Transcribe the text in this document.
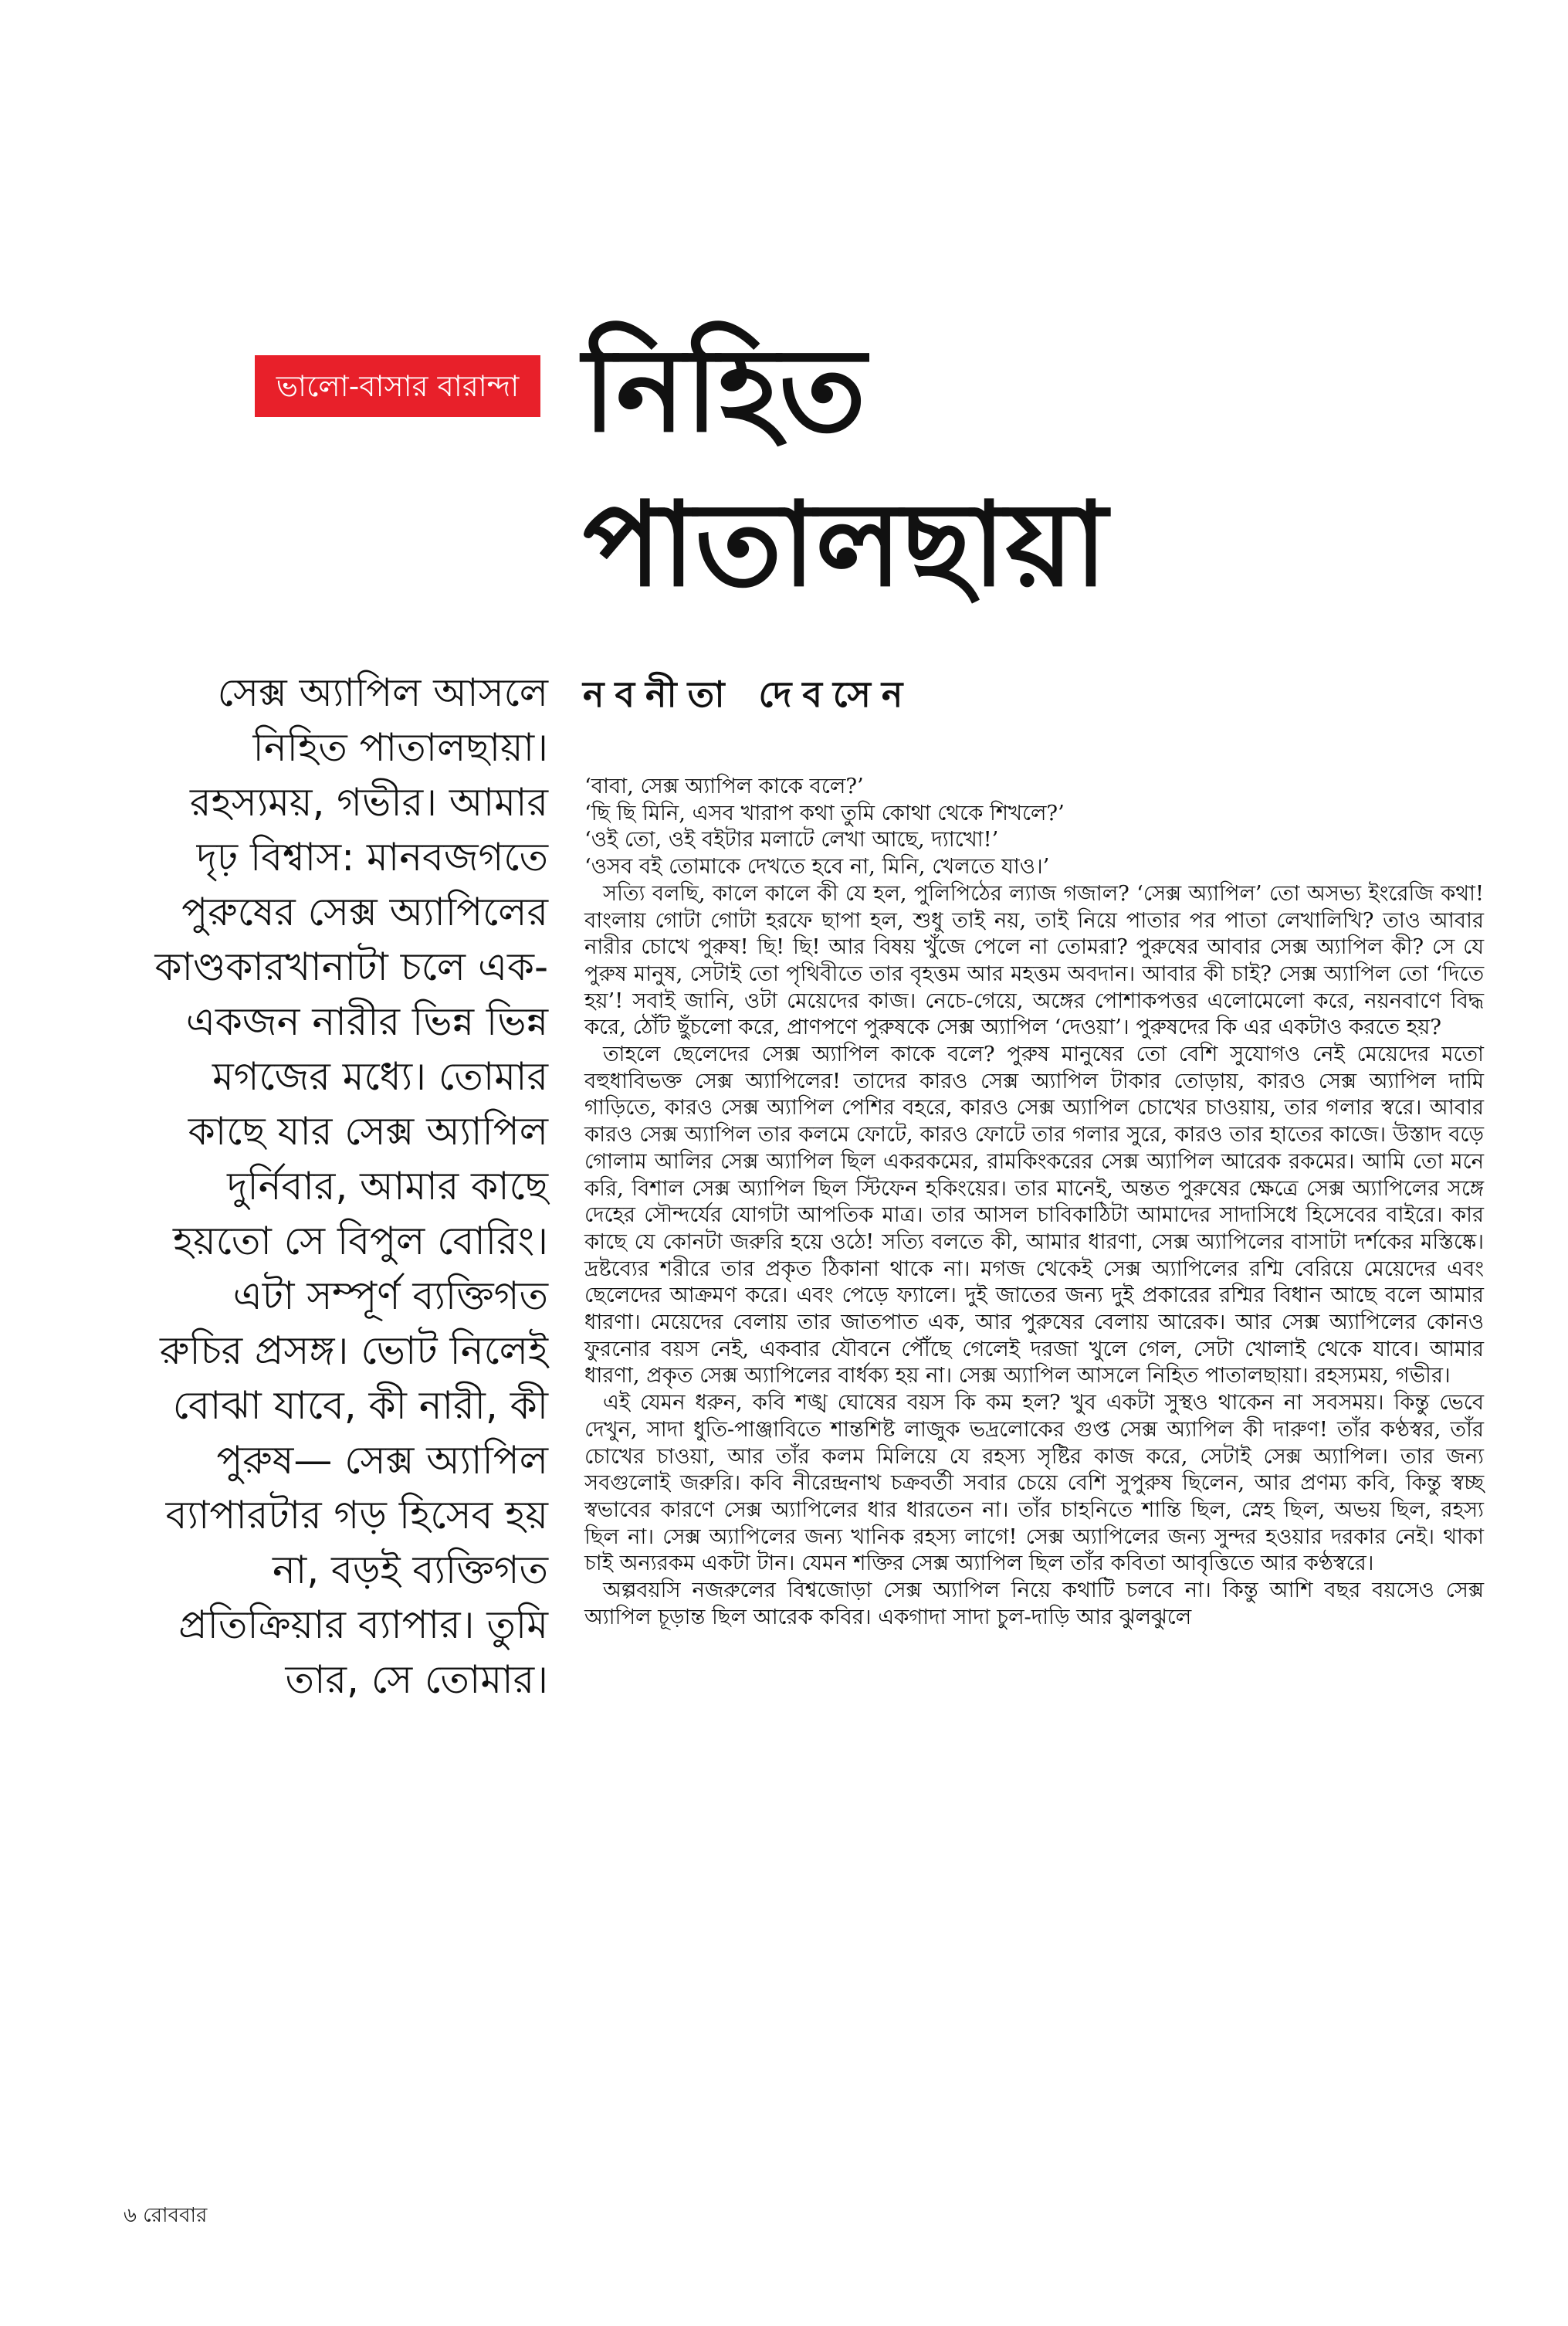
ভালো-বাসার বারান্দা নিহিত
পাতালছায়া
নবনীতা দেবসেন

সেক্স অ্যাপিল আসলে নিহিত পাতালছায়া। রহস্যময়, গভীর। আমার দৃঢ় বিশ্বাস: মানবজগতে পুরুষের সেক্স অ্যাপিলের কাণ্ডকারখানাটা চলে এক-একজন নারীর ভিন্ন ভিন্ন মগজের মধ্যে। তোমার কাছে যার সেক্স অ্যাপিল দুর্নিবার, আমার কাছে হয়তো সে বিপুল বোরিং। এটা সম্পূর্ণ ব্যক্তিগত রুচির প্রসঙ্গ। ভোট নিলেই বোঝা যাবে, কী নারী, কী পুরুষ— সেক্স অ্যাপিল ব্যাপারটার গড় হিসেব হয় না, বড়ই ব্যক্তিগত প্রতিক্রিয়ার ব্যাপার। তুমি তার, সে তোমার।

‘বাবা, সেক্স অ্যাপিল কাকে বলে?’

‘ছি ছি মিনি, এসব খারাপ কথা তুমি কোথা থেকে শিখলে?’

‘ওই তো, ওই বইটার মলাটে লেখা আছে, দ্যাখো!’

‘ওসব বই তোমাকে দেখতে হবে না, মিনি, খেলতে যাও।’

সত্যি বলছি, কালে কালে কী যে হল, পুলিপিঠের ল্যাজ গজাল? ‘সেক্স অ্যাপিল’ তো অসভ্য ইংরেজি কথা! বাংলায় গোটা গোটা হরফে ছাপা হল, শুধু তাই নয়, তাই নিয়ে পাতার পর পাতা লেখালিখি? তাও আবার নারীর চোখে পুরুষ! ছি! ছি! আর বিষয় খুঁজে পেলে না তোমরা? পুরুষের আবার সেক্স অ্যাপিল কী? সে যে পুরুষ মানুষ, সেটাই তো পৃথিবীতে তার বৃহত্তম আর মহত্তম অবদান। আবার কী চাই? সেক্স অ্যাপিল তো ‘দিতে হয়’! সবাই জানি, ওটা মেয়েদের কাজ। নেচে-গেয়ে, অঙ্গের পোশাকপত্তর এলোমেলো করে, নয়নবাণে বিদ্ধ করে, ঠোঁট ছুঁচলো করে, প্রাণপণে পুরুষকে সেক্স অ্যাপিল ‘দেওয়া’। পুরুষদের কি এর একটাও করতে হয়?

তাহলে ছেলেদের সেক্স অ্যাপিল কাকে বলে? পুরুষ মানুষের তো বেশি সুযোগও নেই মেয়েদের মতো বহুধাবিভক্ত সেক্স অ্যাপিলের! তাদের কারও সেক্স অ্যাপিল টাকার তোড়ায়, কারও সেক্স অ্যাপিল দামি গাড়িতে, কারও সেক্স অ্যাপিল পেশির বহরে, কারও সেক্স অ্যাপিল চোখের চাওয়ায়, তার গলার স্বরে। আবার কারও সেক্স অ্যাপিল তার কলমে ফোটে, কারও ফোটে তার গলার সুরে, কারও তার হাতের কাজে। উস্তাদ বড়ে গোলাম আলির সেক্স অ্যাপিল ছিল একরকমের, রামকিংকরের সেক্স অ্যাপিল আরেক রকমের। আমি তো মনে করি, বিশাল সেক্স অ্যাপিল ছিল স্টিফেন হকিংয়ের। তার মানেই, অন্তত পুরুষের ক্ষেত্রে সেক্স অ্যাপিলের সঙ্গে দেহের সৌন্দর্যের যোগটা আপতিক মাত্র। তার আসল চাবিকাঠিটা আমাদের সাদাসিধে হিসেবের বাইরে। কার কাছে যে কোনটা জরুরি হয়ে ওঠে! সত্যি বলতে কী, আমার ধারণা, সেক্স অ্যাপিলের বাসাটা দর্শকের মস্তিষ্কে। দ্রষ্টব্যের শরীরে তার প্রকৃত ঠিকানা থাকে না। মগজ থেকেই সেক্স অ্যাপিলের রশ্মি বেরিয়ে মেয়েদের এবং ছেলেদের আক্রমণ করে। এবং পেড়ে ফ্যালে। দুই জাতের জন্য দুই প্রকারের রশ্মির বিধান আছে বলে আমার ধারণা। মেয়েদের বেলায় তার জাতপাত এক, আর পুরুষের বেলায় আরেক। আর সেক্স অ্যাপিলের কোনও ফুরনোর বয়স নেই, একবার যৌবনে পৌঁছে গেলেই দরজা খুলে গেল, সেটা খোলাই থেকে যাবে। আমার ধারণা, প্রকৃত সেক্স অ্যাপিলের বার্ধক্য হয় না। সেক্স অ্যাপিল আসলে নিহিত পাতালছায়া। রহস্যময়, গভীর।

এই যেমন ধরুন, কবি শঙ্খ ঘোষের বয়স কি কম হল? খুব একটা সুস্থও থাকেন না সবসময়। কিন্তু ভেবে দেখুন, সাদা ধুতি-পাঞ্জাবিতে শান্তশিষ্ট লাজুক ভদ্রলোকের গুপ্ত সেক্স অ্যাপিল কী দারুণ! তাঁর কণ্ঠস্বর, তাঁর চোখের চাওয়া, আর তাঁর কলম মিলিয়ে যে রহস্য সৃষ্টির কাজ করে, সেটাই সেক্স অ্যাপিল। তার জন্য সবগুলোই জরুরি। কবি নীরেন্দ্রনাথ চক্রবর্তী সবার চেয়ে বেশি সুপুরুষ ছিলেন, আর প্রণম্য কবি, কিন্তু স্বচ্ছ স্বভাবের কারণে সেক্স অ্যাপিলের ধার ধারতেন না। তাঁর চাহনিতে শান্তি ছিল, স্নেহ ছিল, অভয় ছিল, রহস্য ছিল না। সেক্স অ্যাপিলের জন্য খানিক রহস্য লাগে! সেক্স অ্যাপিলের জন্য সুন্দর হওয়ার দরকার নেই। থাকা চাই অন্যরকম একটা টান। যেমন শক্তির সেক্স অ্যাপিল ছিল তাঁর কবিতা আবৃত্তিতে আর কণ্ঠস্বরে।

অল্পবয়সি নজরুলের বিশ্বজোড়া সেক্স অ্যাপিল নিয়ে কথাটি চলবে না। কিন্তু আশি বছর বয়সেও সেক্স অ্যাপিল চূড়ান্ত ছিল আরেক কবির। একগাদা সাদা চুল-দাড়ি আর ঝুলঝুলে

৬ রোববার
